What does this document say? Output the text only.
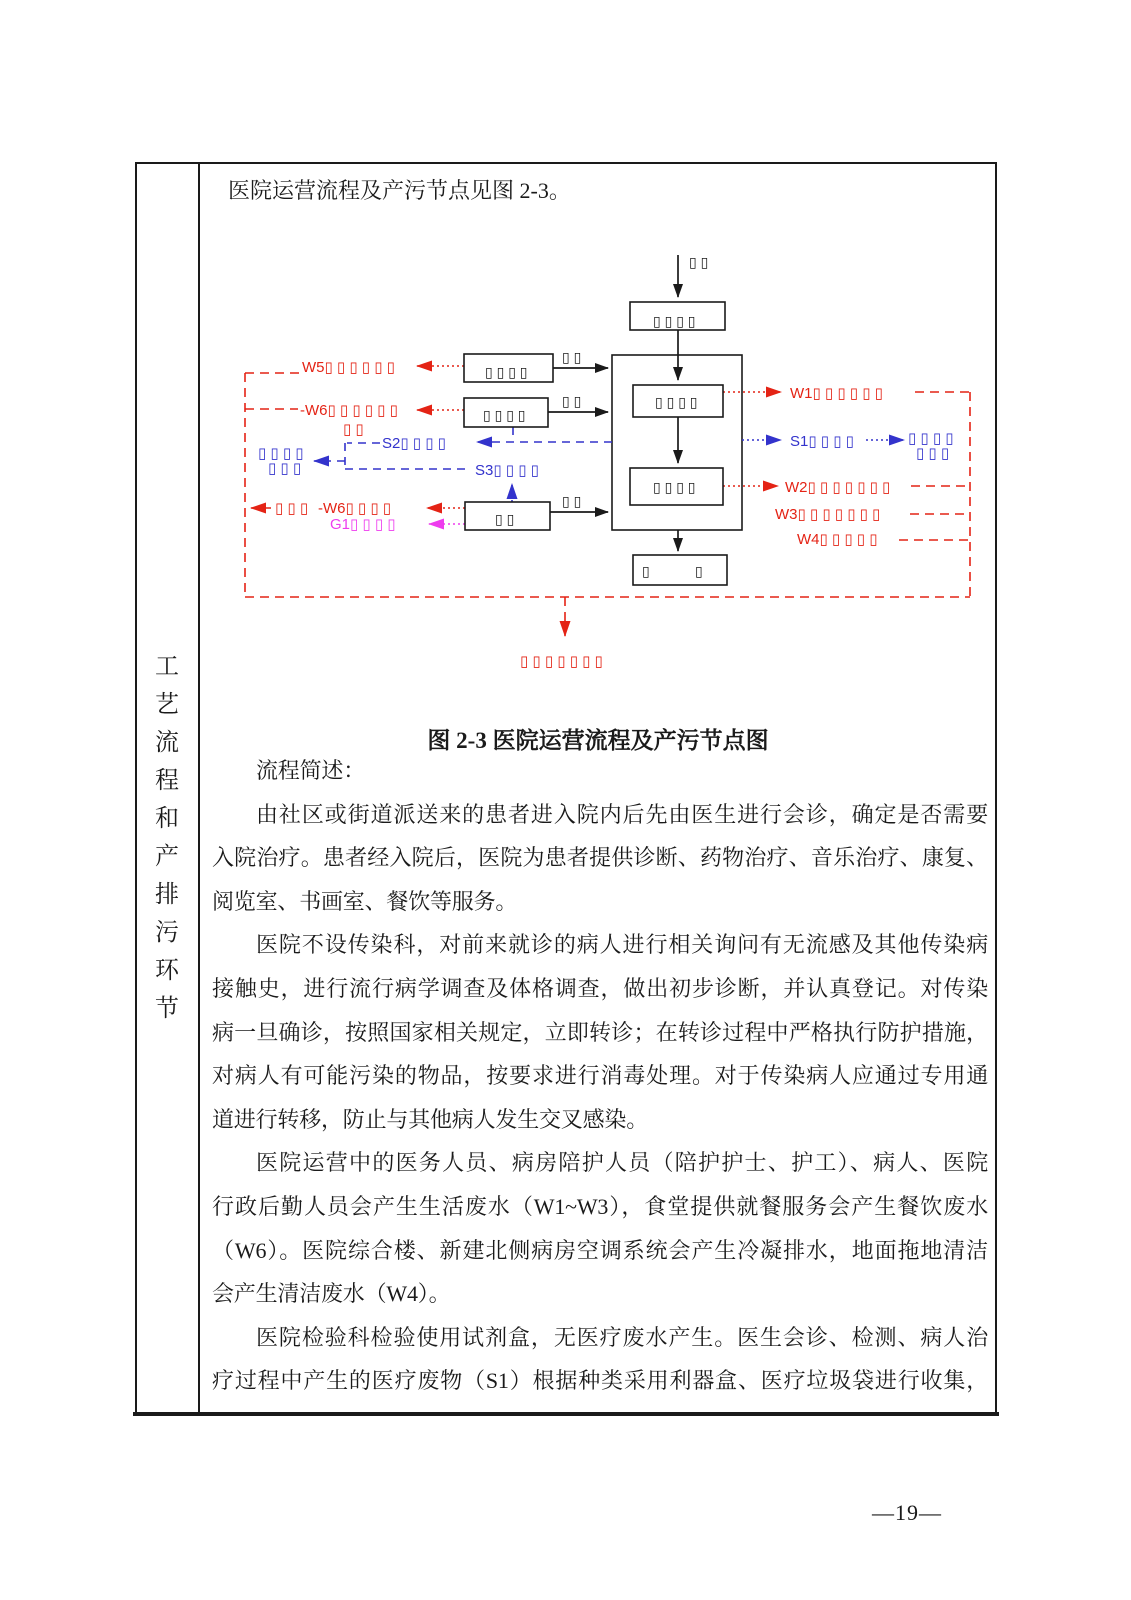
工
艺
流
程
和
产
排
污
环
节
医院运营流程及产污节点见图 2-3。
▯ ▯ ▯ ▯
▯ ▯ ▯ ▯
▯ ▯ ▯ ▯
▯	▯
▯ ▯ ▯ ▯
▯ ▯ ▯ ▯
▯ ▯
▯ ▯
▯ ▯
▯ ▯
▯ ▯
W5▯ ▯ ▯ ▯ ▯ ▯
-W6▯ ▯ ▯ ▯ ▯ ▯
▯ ▯
S2▯ ▯ ▯ ▯
▯ ▯ ▯ ▯
▯ ▯ ▯	S3▯ ▯ ▯ ▯
▯ ▯ ▯ -W6▯ ▯ ▯ ▯
G1▯ ▯ ▯ ▯
W1▯ ▯ ▯ ▯ ▯ ▯
S1▯ ▯ ▯ ▯	▯ ▯ ▯ ▯
▯ ▯ ▯
W2▯ ▯ ▯ ▯ ▯ ▯ ▯
W3▯ ▯ ▯ ▯ ▯ ▯ ▯
W4▯ ▯ ▯ ▯ ▯
▯ ▯ ▯ ▯ ▯ ▯ ▯
图 2-3 医院运营流程及产污节点图
流程简述：
由社区或街道派送来的患者进入院内后先由医生进行会诊，确定是否需要
入院治疗。患者经入院后，医院为患者提供诊断、药物治疗、音乐治疗、康复、
阅览室、书画室、餐饮等服务。
医院不设传染科，对前来就诊的病人进行相关询问有无流感及其他传染病
接触史，进行流行病学调查及体格调查，做出初步诊断，并认真登记。对传染
病一旦确诊，按照国家相关规定，立即转诊；在转诊过程中严格执行防护措施，
对病人有可能污染的物品，按要求进行消毒处理。对于传染病人应通过专用通
道进行转移，防止与其他病人发生交叉感染。
医院运营中的医务人员、病房陪护人员（陪护护士、护工）、病人、医院
行政后勤人员会产生生活废水（W1~W3），食堂提供就餐服务会产生餐饮废水
（W6）。医院综合楼、新建北侧病房空调系统会产生冷凝排水，地面拖地清洁
会产生清洁废水（W4）。
医院检验科检验使用试剂盒，无医疗废水产生。医生会诊、检测、病人治
疗过程中产生的医疗废物（S1）根据种类采用利器盒、医疗垃圾袋进行收集，
—19—
